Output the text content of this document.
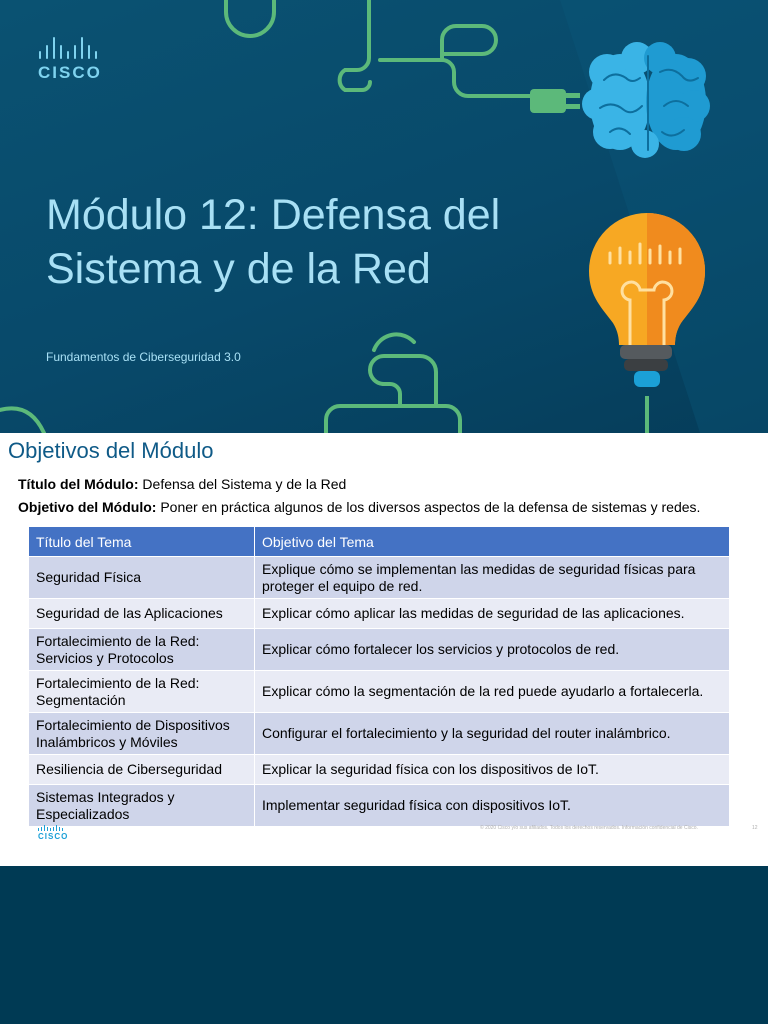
CISCO
Módulo 12: Defensa del Sistema y de la Red
Fundamentos de Ciberseguridad 3.0
Objetivos del Módulo
Título del Módulo: Defensa del Sistema y de la Red
Objetivo del Módulo: Poner en práctica algunos de los diversos aspectos de la defensa de sistemas y redes.
Título del Tema	Objetivo del Tema
Seguridad Física	Explique cómo se implementan las medidas de seguridad físicas para proteger el equipo de red.
Seguridad de las Aplicaciones	Explicar cómo aplicar las medidas de seguridad de las aplicaciones.
Fortalecimiento de la Red: Servicios y Protocolos	Explicar cómo fortalecer los servicios y protocolos de red.
Fortalecimiento de la Red: Segmentación	Explicar cómo la segmentación de la red puede ayudarlo a fortalecerla.
Fortalecimiento de Dispositivos Inalámbricos y Móviles	Configurar el fortalecimiento y la seguridad del router inalámbrico.
Resiliencia de Ciberseguridad	Explicar la seguridad física con los dispositivos de IoT.
Sistemas Integrados y Especializados	Implementar seguridad física con dispositivos IoT.
CISCO
© 2020 Cisco y/o sus afiliados. Todos los derechos reservados. Información confidencial de Cisco.	12
